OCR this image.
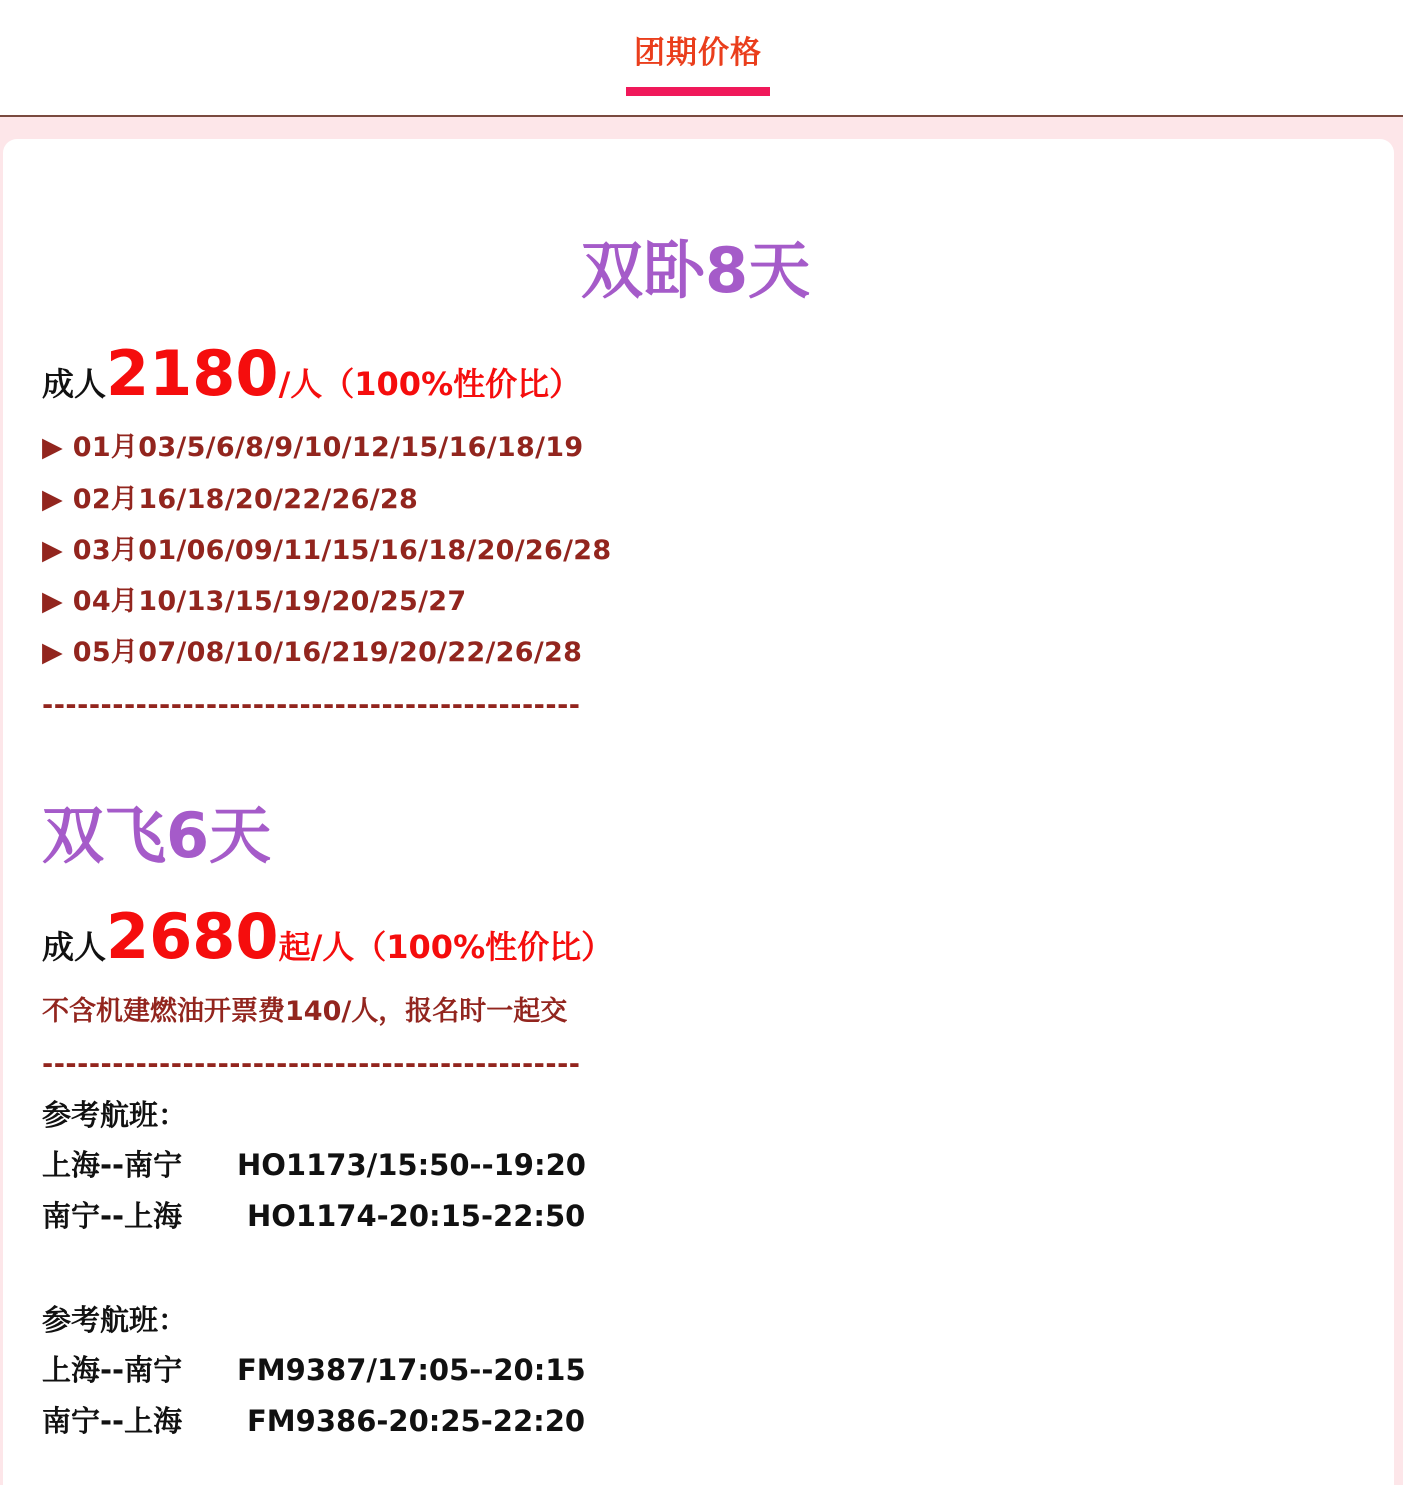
团期价格
双卧8天
成人2180/人（100%性价比）
▶ 01月03/5/6/8/9/10/12/15/16/18/19
▶ 02月16/18/20/22/26/28
▶ 03月01/06/09/11/15/16/18/20/26/28
▶ 04月10/13/15/19/20/25/27
▶ 05月07/08/10/16/219/20/22/26/28
----------------------------------------------
双飞6天
成人2680起/人（100%性价比）
不含机建燃油开票费140/人，报名时一起交
----------------------------------------------
参考航班：
上海--南宁 HO1173/15:50--19:20
南宁--上海 HO1174-20:15-22:50
参考航班：
上海--南宁 FM9387/17:05--20:15
南宁--上海 FM9386-20:25-22:20
